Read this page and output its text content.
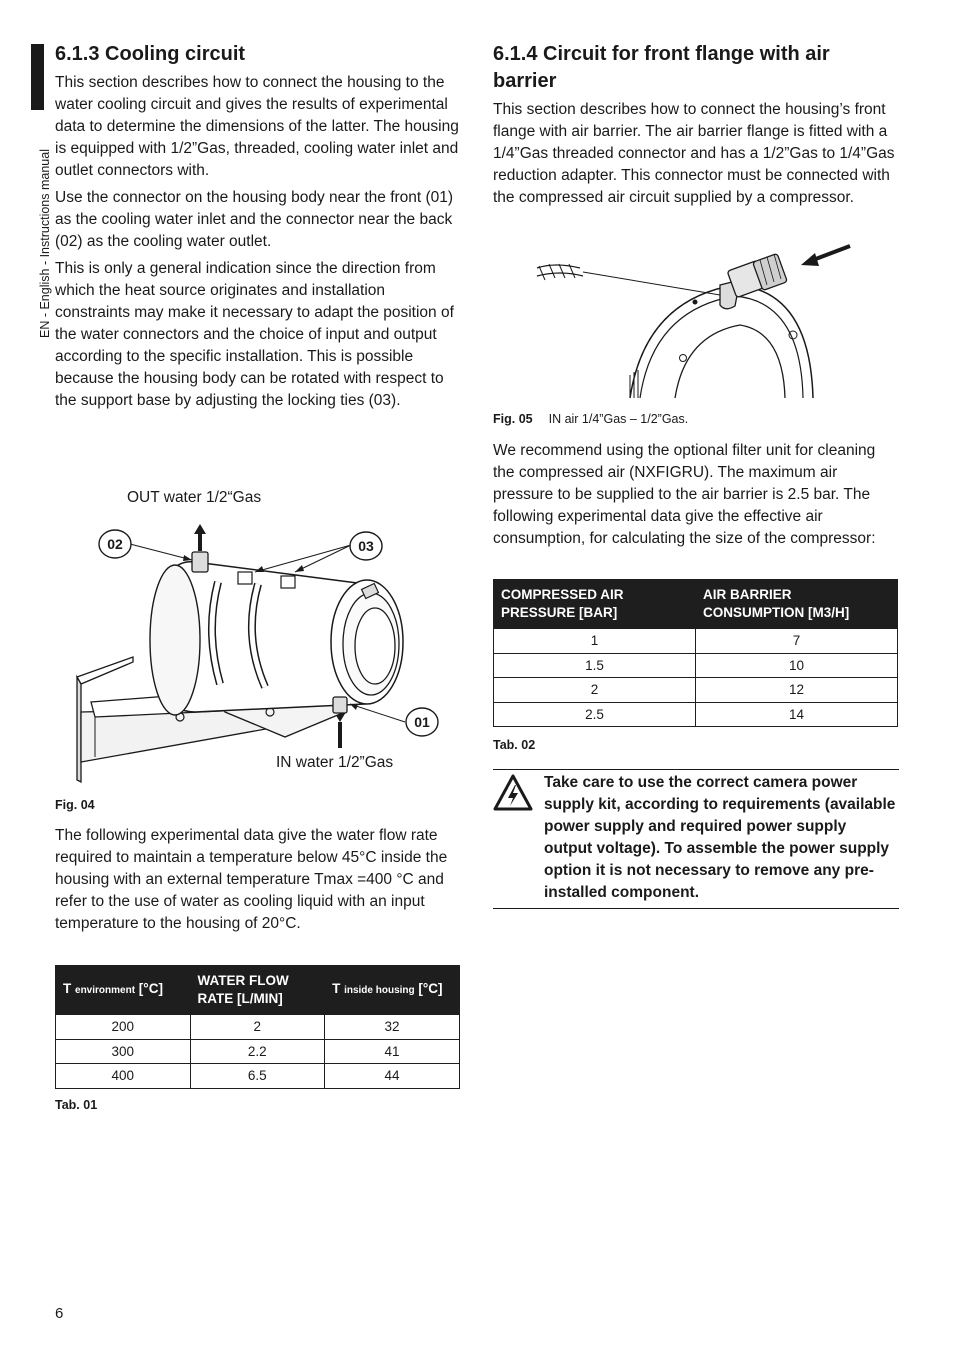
EN - English - Instructions manual
6.1.3 Cooling circuit

This section describes how to connect the housing to the water cooling circuit and gives the results of experimental data to determine the dimensions of the latter. The housing is equipped with 1/2”Gas, threaded, cooling water inlet and outlet connectors with.

Use the connector on the housing body near the front (01) as the cooling water inlet and the connector near the back (02) as the cooling water outlet.

This is only a general indication since the direction from which the heat source originates and installation constraints may make it necessary to adapt the position of the water connectors and the choice of input and output according to the specific installation. This is possible because the housing body can be rotated with respect to the support base by adjusting the locking ties (03).

OUT water 1/2“Gas
IN water 1/2”Gas
02	03
01
Fig. 04

The following experimental data give the water flow rate required to maintain a temperature below 45°C inside the housing with an external temperature Tmax =400 °C and refer to the use of water as cooling liquid with an input temperature to the housing of 20°C.

T environment [°C]	WATER FLOW RATE [L/MIN]	T inside housing [°C]
200	2	32
300	2.2	41
400	6.5	44
Tab. 01
6.1.4 Circuit for front flange with air barrier

This section describes how to connect the housing’s front flange with air barrier. The air barrier flange is fitted with a 1/4”Gas threaded connector and has a 1/2”Gas to 1/4”Gas reduction adapter. This connector must be connected with the compressed air circuit supplied by a compressor.

Fig. 05 IN air 1/4”Gas – 1/2”Gas.

We recommend using the optional filter unit for cleaning the compressed air (NXFIGRU). The maximum air pressure to be supplied to the air barrier is 2.5 bar. The following experimental data give the effective air consumption, for calculating the size of the compressor:

COMPRESSED AIR PRESSURE [BAR]	AIR BARRIER CONSUMPTION [M3/H]
1	7
1.5	10
2	12
2.5	14
Tab. 02
Take care to use the correct camera power supply kit, according to requirements (available power supply and required power supply output voltage). To assemble the power supply option it is not necessary to remove any pre-installed component.
6
